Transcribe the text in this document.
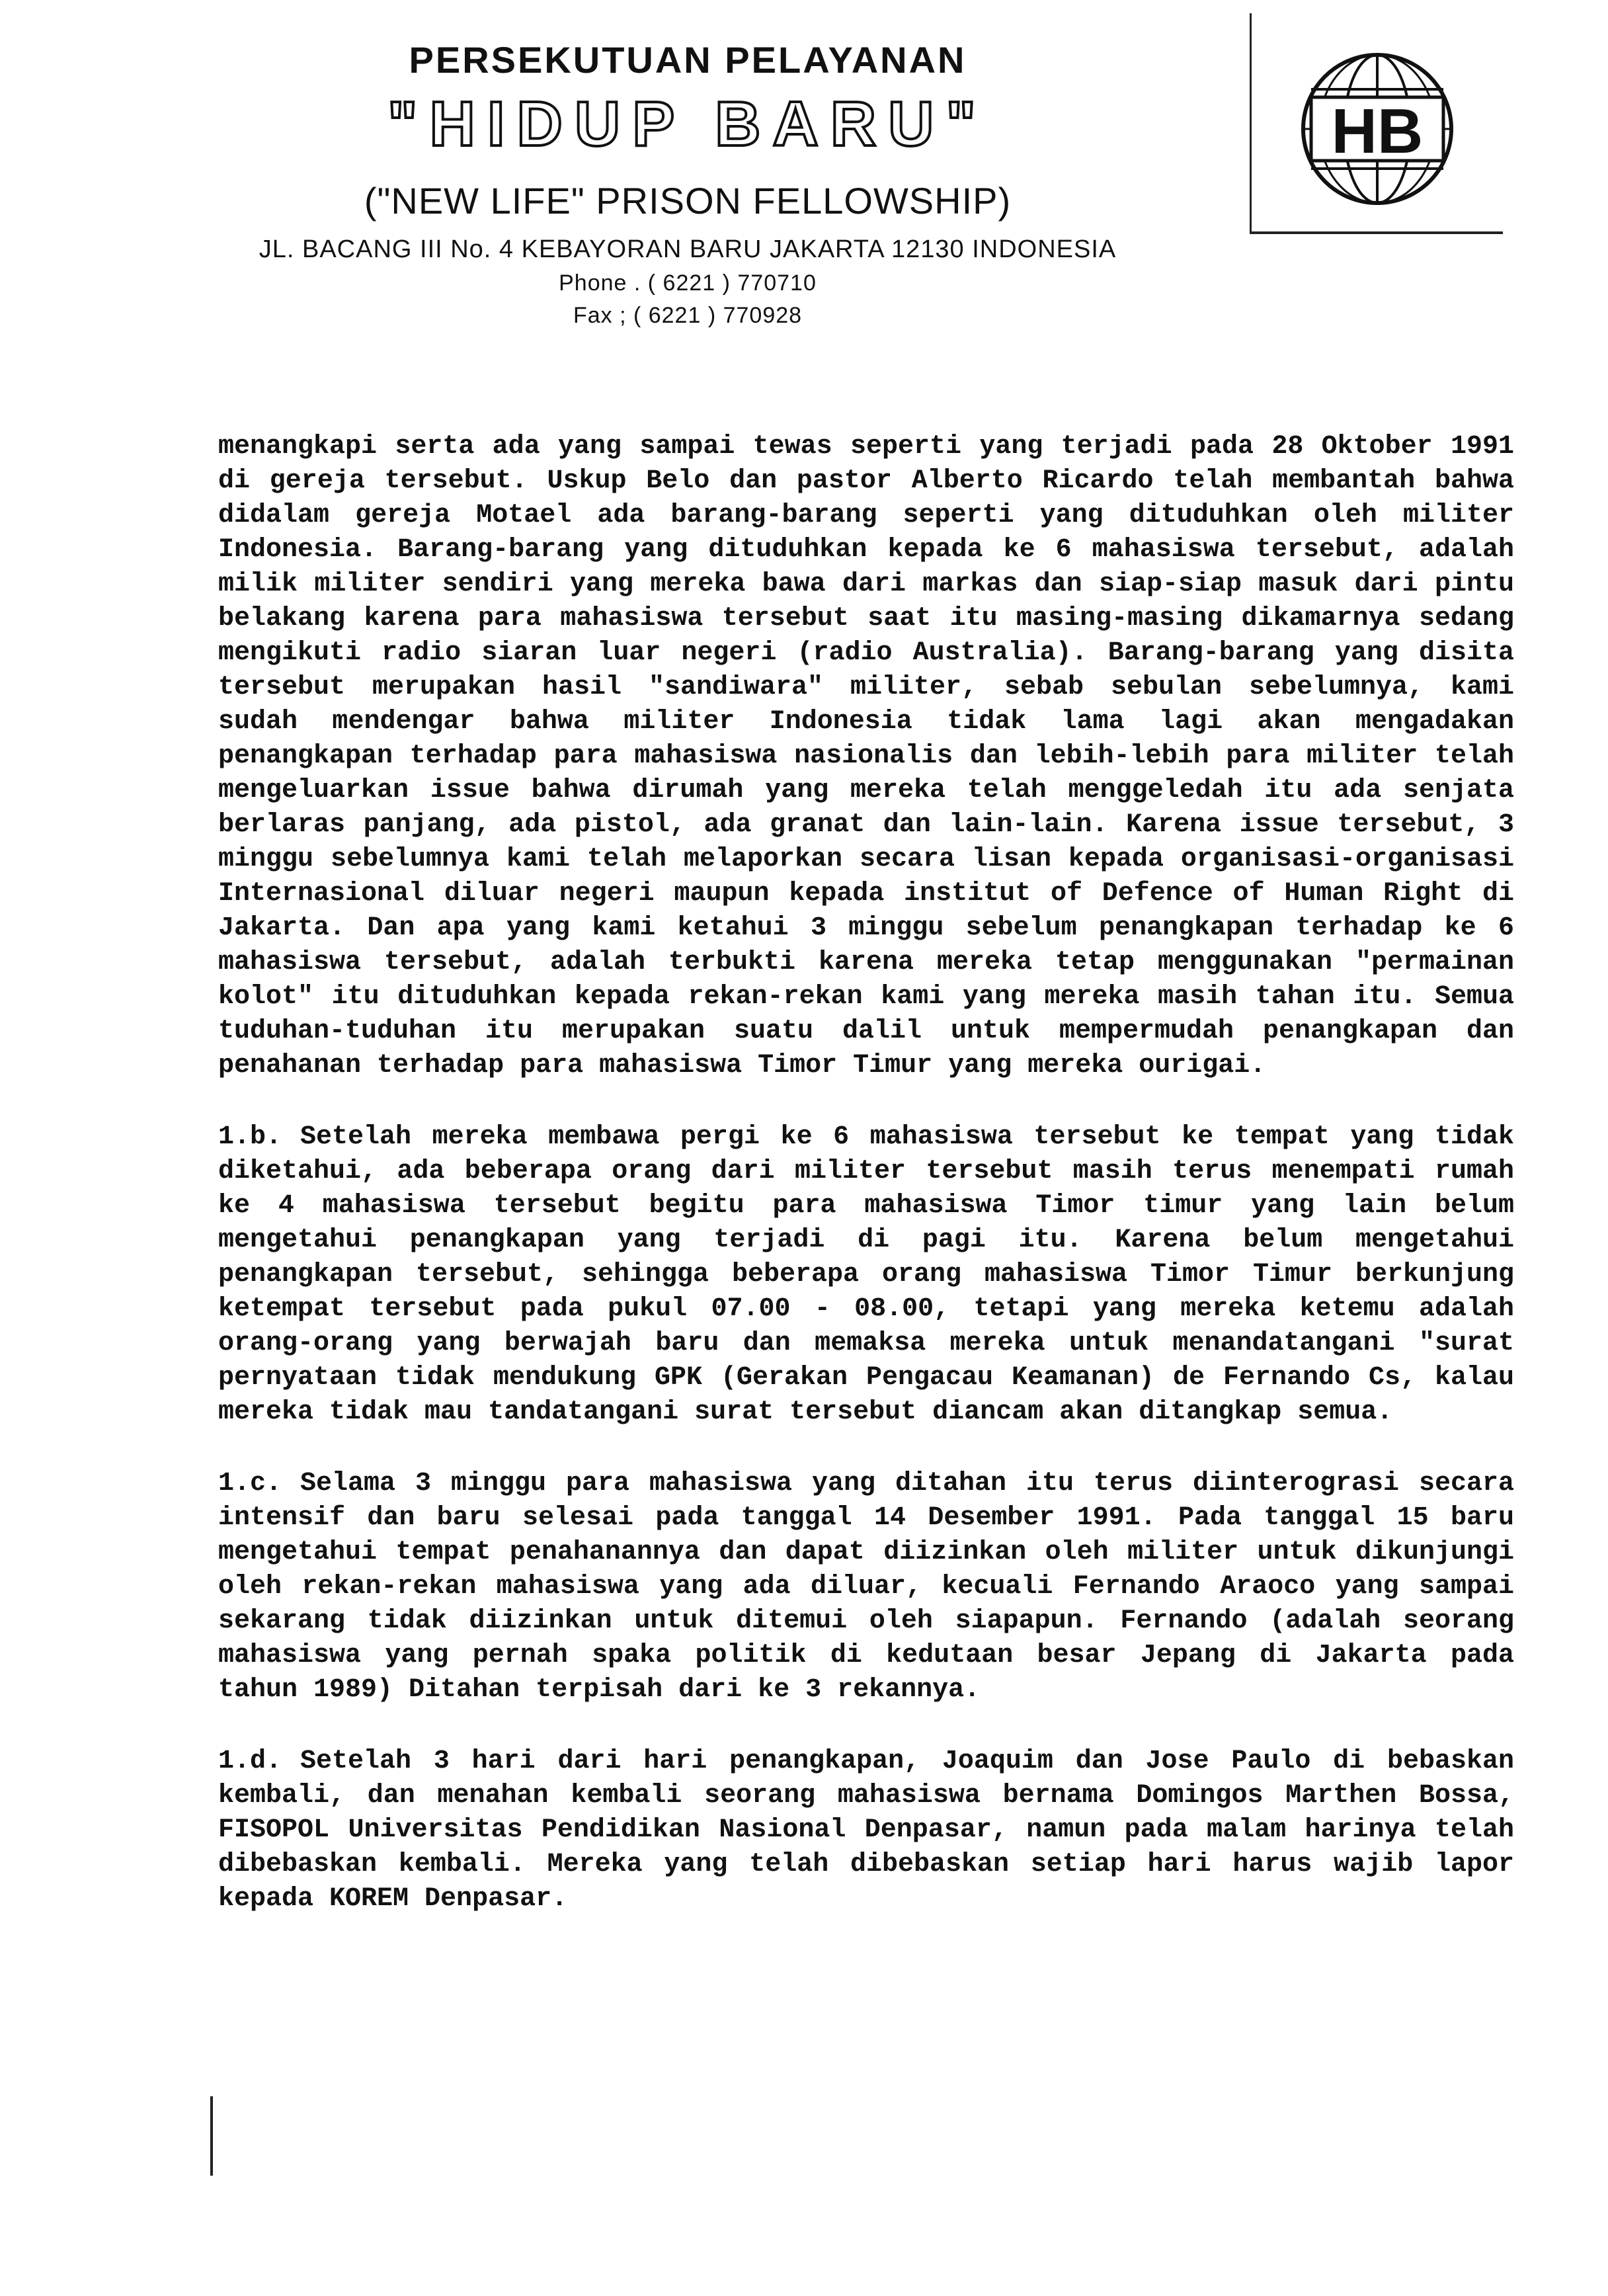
PERSEKUTUAN PELAYANAN
"HIDUP BARU"
("NEW LIFE" PRISON FELLOWSHIP)
JL. BACANG III No. 4 KEBAYORAN BARU JAKARTA 12130 INDONESIA
Phone . ( 6221 ) 770710
Fax ; ( 6221 ) 770928
HB

menangkapi serta ada yang sampai tewas seperti yang terjadi pada 28 Oktober 1991 di gereja tersebut. Uskup Belo dan pastor Alberto Ricardo telah membantah bahwa didalam gereja Motael ada barang-barang seperti yang dituduhkan oleh militer Indonesia. Barang-barang yang dituduhkan kepada ke 6 mahasiswa tersebut, adalah milik militer sendiri yang mereka bawa dari markas dan siap-siap masuk dari pintu belakang karena para mahasiswa tersebut saat itu masing-masing dikamarnya sedang mengikuti radio siaran luar negeri (radio Australia). Barang-barang yang disita tersebut merupakan hasil "sandiwara" militer, sebab sebulan sebelumnya, kami sudah mendengar bahwa militer Indonesia tidak lama lagi akan mengadakan penangkapan terhadap para mahasiswa nasionalis dan lebih-lebih para militer telah mengeluarkan issue bahwa dirumah yang mereka telah menggeledah itu ada senjata berlaras panjang, ada pistol, ada granat dan lain-lain. Karena issue tersebut, 3 minggu sebelumnya kami telah melaporkan secara lisan kepada organisasi-organisasi Internasional diluar negeri maupun kepada institut of Defence of Human Right di Jakarta. Dan apa yang kami ketahui 3 minggu sebelum penangkapan terhadap ke 6 mahasiswa tersebut, adalah terbukti karena mereka tetap menggunakan "permainan kolot" itu dituduhkan kepada rekan-rekan kami yang mereka masih tahan itu. Semua tuduhan-tuduhan itu merupakan suatu dalil untuk mempermudah penangkapan dan penahanan terhadap para mahasiswa Timor Timur yang mereka ourigai.

1.b. Setelah mereka membawa pergi ke 6 mahasiswa tersebut ke tempat yang tidak diketahui, ada beberapa orang dari militer tersebut masih terus menempati rumah ke 4 mahasiswa tersebut begitu para mahasiswa Timor timur yang lain belum mengetahui penangkapan yang terjadi di pagi itu. Karena belum mengetahui penangkapan tersebut, sehingga beberapa orang mahasiswa Timor Timur berkunjung ketempat tersebut pada pukul 07.00 - 08.00, tetapi yang mereka ketemu adalah orang-orang yang berwajah baru dan memaksa mereka untuk menandatangani "surat pernyataan tidak mendukung GPK (Gerakan Pengacau Keamanan) de Fernando Cs, kalau mereka tidak mau tandatangani surat tersebut diancam akan ditangkap semua.

1.c. Selama 3 minggu para mahasiswa yang ditahan itu terus diinterograsi secara intensif dan baru selesai pada tanggal 14 Desember 1991. Pada tanggal 15 baru mengetahui tempat penahanannya dan dapat diizinkan oleh militer untuk dikunjungi oleh rekan-rekan mahasiswa yang ada diluar, kecuali Fernando Araoco yang sampai sekarang tidak diizinkan untuk ditemui oleh siapapun. Fernando (adalah seorang mahasiswa yang pernah spaka politik di kedutaan besar Jepang di Jakarta pada tahun 1989) Ditahan terpisah dari ke 3 rekannya.

1.d. Setelah 3 hari dari hari penangkapan, Joaquim dan Jose Paulo di bebaskan kembali, dan menahan kembali seorang mahasiswa bernama Domingos Marthen Bossa, FISOPOL Universitas Pendidikan Nasional Denpasar, namun pada malam harinya telah dibebaskan kembali. Mereka yang telah dibebaskan setiap hari harus wajib lapor kepada KOREM Denpasar.
